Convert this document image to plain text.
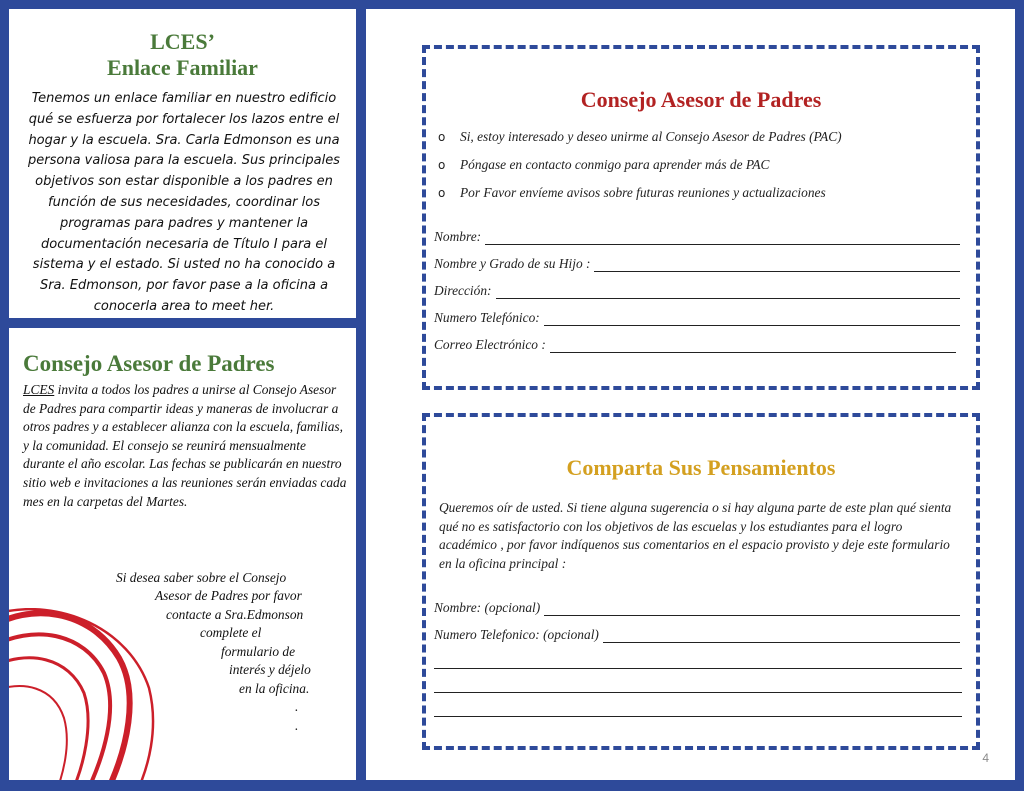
LCES’
Enlace Familiar
Tenemos un enlace familiar en nuestro edificio qué se esfuerza por fortalecer los lazos entre el hogar y la escuela. Sra. Carla Edmonson es una persona valiosa para la escuela. Sus principales objetivos son estar disponible a los padres en función de sus necesidades, coordinar los programas para padres y mantener la documentación necesaria de Título I para el sistema y el estado. Si usted no ha conocido a Sra. Edmonson, por favor pase a la oficina a conocerla area to meet her.
Consejo Asesor de Padres
LCES invita a todos los padres a unirse al Consejo Asesor de Padres para compartir ideas y maneras de involucrar a otros padres y a establecer alianza con la escuela, familias, y la comunidad. El consejo se reunirá mensualmente durante el año escolar. Las fechas se publicarán en nuestro sitio web e invitaciones a las reuniones serán enviadas cada mes en la carpetas del Martes.
Si desea saber sobre el Consejo
Asesor de Padres por favor
contacte a Sra.Edmonson
complete el
formulario de
interés y déjelo
en la oficina.
.
.
Consejo Asesor de Padres
o Si, estoy interesado y deseo unirme al Consejo Asesor de Padres (PAC)
o Póngase en contacto conmigo para aprender más de PAC
o Por Favor envíeme avisos sobre futuras reuniones y actualizaciones
Nombre:
Nombre y Grado de su Hijo :
Dirección:
Numero Telefónico:
Correo Electrónico :
Comparta Sus Pensamientos
Queremos oír de usted. Si tiene alguna sugerencia o si hay alguna parte de este plan qué sienta qué no es satisfactorio con los objetivos de las escuelas y los estudiantes para el logro académico , por favor indíquenos sus comentarios en el espacio provisto y deje este formulario en la oficina principal :
Nombre: (opcional)
Numero Telefonico: (opcional)
4
